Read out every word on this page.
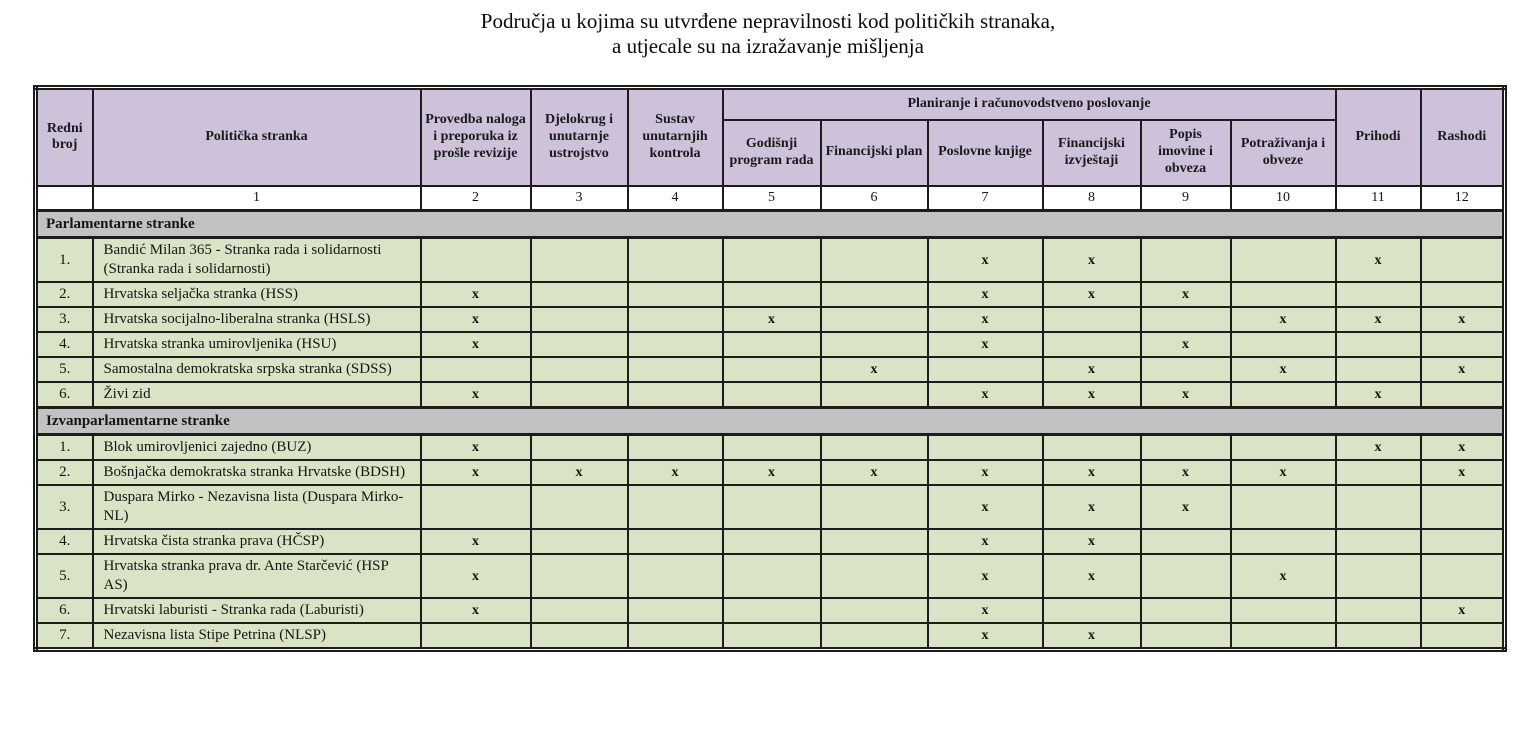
Područja u kojima su utvrđene nepravilnosti kod političkih stranaka,
a utjecale su na izražavanje mišljenja
Redni broj	Politička stranka	Provedba naloga i preporuka iz prošle revizije	Djelokrug i unutarnje ustrojstvo	Sustav unutarnjih kontrola	Planiranje i računovodstveno poslovanje						Prihodi	Rashodi
					Godišnji program rada	Financijski plan	Poslovne knjige	Financijski izvještaji	Popis imovine i obveza	Potraživanja i obveze		
	1	2	3	4	5	6	7	8	9	10	11	12
Parlamentarne stranke												
1.	Bandić Milan 365 - Stranka rada i solidarnosti (Stranka rada i solidarnosti)						x	x			x	
2.	Hrvatska seljačka stranka (HSS)	x					x	x	x			
3.	Hrvatska socijalno-liberalna stranka (HSLS)	x			x		x			x	x	x
4.	Hrvatska stranka umirovljenika (HSU)	x					x		x			
5.	Samostalna demokratska srpska stranka (SDSS)					x		x		x		x
6.	Živi zid	x					x	x	x		x	
Izvanparlamentarne stranke												
1.	Blok umirovljenici zajedno (BUZ)	x									x	x
2.	Bošnjačka demokratska stranka Hrvatske (BDSH)	x	x	x	x	x	x	x	x	x		x
3.	Duspara Mirko - Nezavisna lista (Duspara Mirko-NL)						x	x	x			
4.	Hrvatska čista stranka prava (HČSP)	x					x	x				
5.	Hrvatska stranka prava dr. Ante Starčević (HSP AS)	x					x	x		x		
6.	Hrvatski laburisti - Stranka rada (Laburisti)	x					x					x
7.	Nezavisna lista Stipe Petrina (NLSP)						x	x				
